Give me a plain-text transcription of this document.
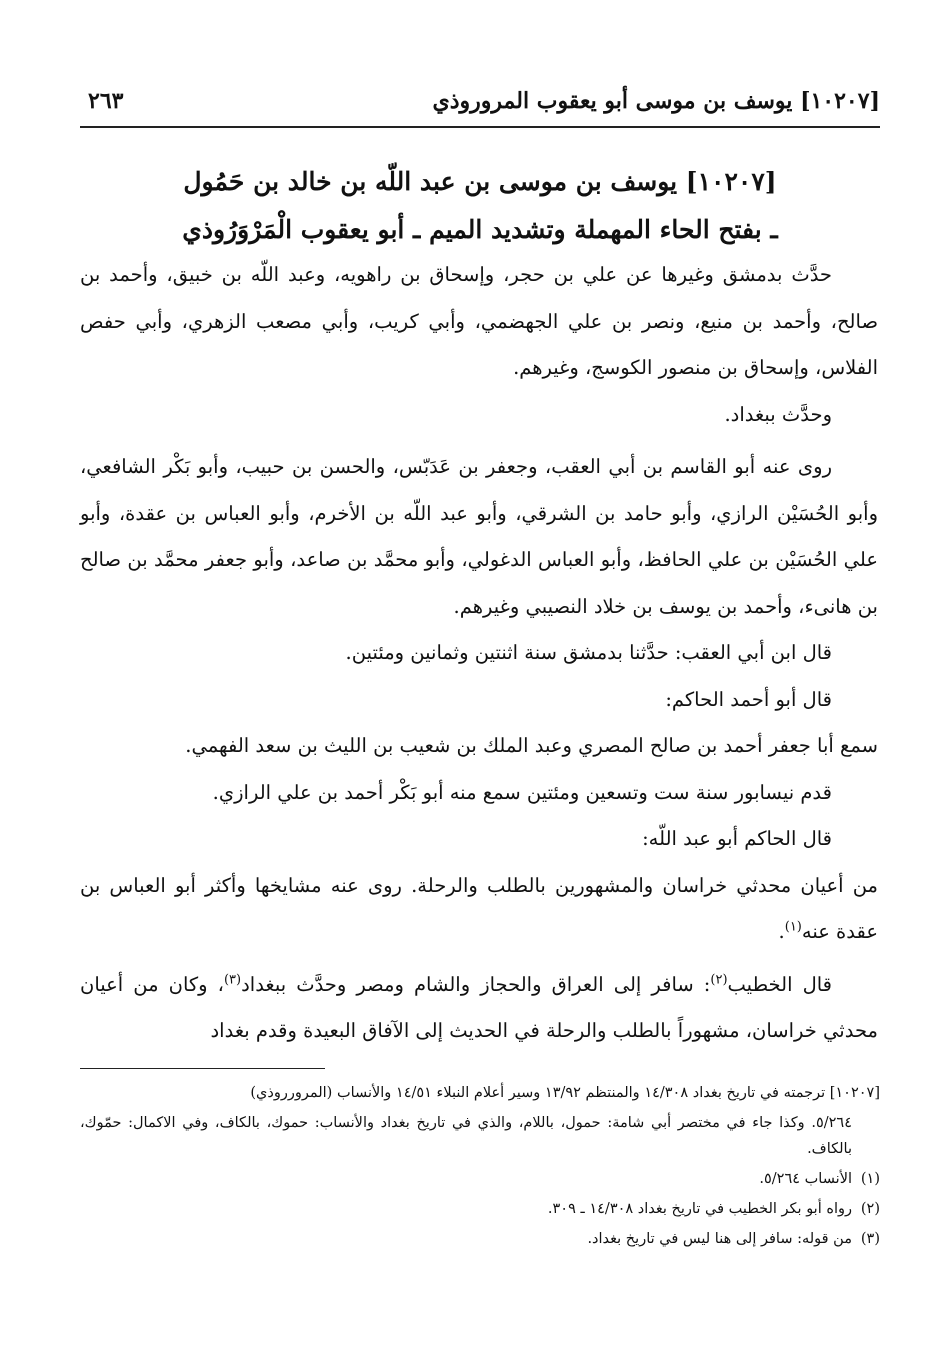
[١٠٢٠٧] يوسف بن موسى أبو يعقوب المروروذي
٢٦٣
[١٠٢٠٧] يوسف بن موسى بن عبد اللّه بن خالد بن حَمُول
ـ بفتح الحاء المهملة وتشديد الميم ـ أبو يعقوب الْمَرْوَرُوذي

حدَّث بدمشق وغيرها عن علي بن حجر، وإسحاق بن راهويه، وعبد اللّه بن خبيق، وأحمد بن صالح، وأحمد بن منيع، ونصر بن علي الجهضمي، وأبي كريب، وأبي مصعب الزهري، وأبي حفص الفلاس، وإسحاق بن منصور الكوسج، وغيرهم.

وحدَّث ببغداد.

روى عنه أبو القاسم بن أبي العقب، وجعفر بن عَدَبّس، والحسن بن حبيب، وأبو بَكْر الشافعي، وأبو الحُسَيْن الرازي، وأبو حامد بن الشرقي، وأبو عبد اللّه بن الأخرم، وأبو العباس بن عقدة، وأبو علي الحُسَيْن بن علي الحافظ، وأبو العباس الدغولي، وأبو محمَّد بن صاعد، وأبو جعفر محمَّد بن صالح بن هانىء، وأحمد بن يوسف بن خلاد النصيبي وغيرهم.

قال ابن أبي العقب: حدَّثنا بدمشق سنة اثنتين وثمانين ومئتين.

قال أبو أحمد الحاكم:

سمع أبا جعفر أحمد بن صالح المصري وعبد الملك بن شعيب بن الليث بن سعد الفهمي.

قدم نيسابور سنة ست وتسعين ومئتين سمع منه أبو بَكْر أحمد بن علي الرازي.

قال الحاكم أبو عبد اللّه:

من أعيان محدثي خراسان والمشهورين بالطلب والرحلة. روى عنه مشايخها وأكثر أبو العباس بن عقدة عنه$^{(١)}$.

قال الخطيب$^{(٢)}$: سافر إلى العراق والحجاز والشام ومصر وحدَّث ببغداد$^{(٣)}$، وكان من أعيان محدثي خراسان، مشهوراً بالطلب والرحلة في الحديث إلى الآفاق البعيدة وقدم بغداد

[١٠٢٠٧] ترجمته في تاريخ بغداد ١٤/٣٠٨ والمنتظم ١٣/٩٢ وسير أعلام النبلاء ١٤/٥١ والأنساب (المرورروذي)

٥/٢٦٤. وكذا جاء في مختصر أبي شامة: حمول، باللام، والذي في تاريخ بغداد والأنساب: حموك، بالكاف، وفي الاكمال: حمّوك، بالكاف.

(١)الأنساب ٥/٢٦٤.

(٢)رواه أبو بكر الخطيب في تاريخ بغداد ١٤/٣٠٨ ـ ٣٠٩.

(٣)من قوله: سافر إلى هنا ليس في تاريخ بغداد.
